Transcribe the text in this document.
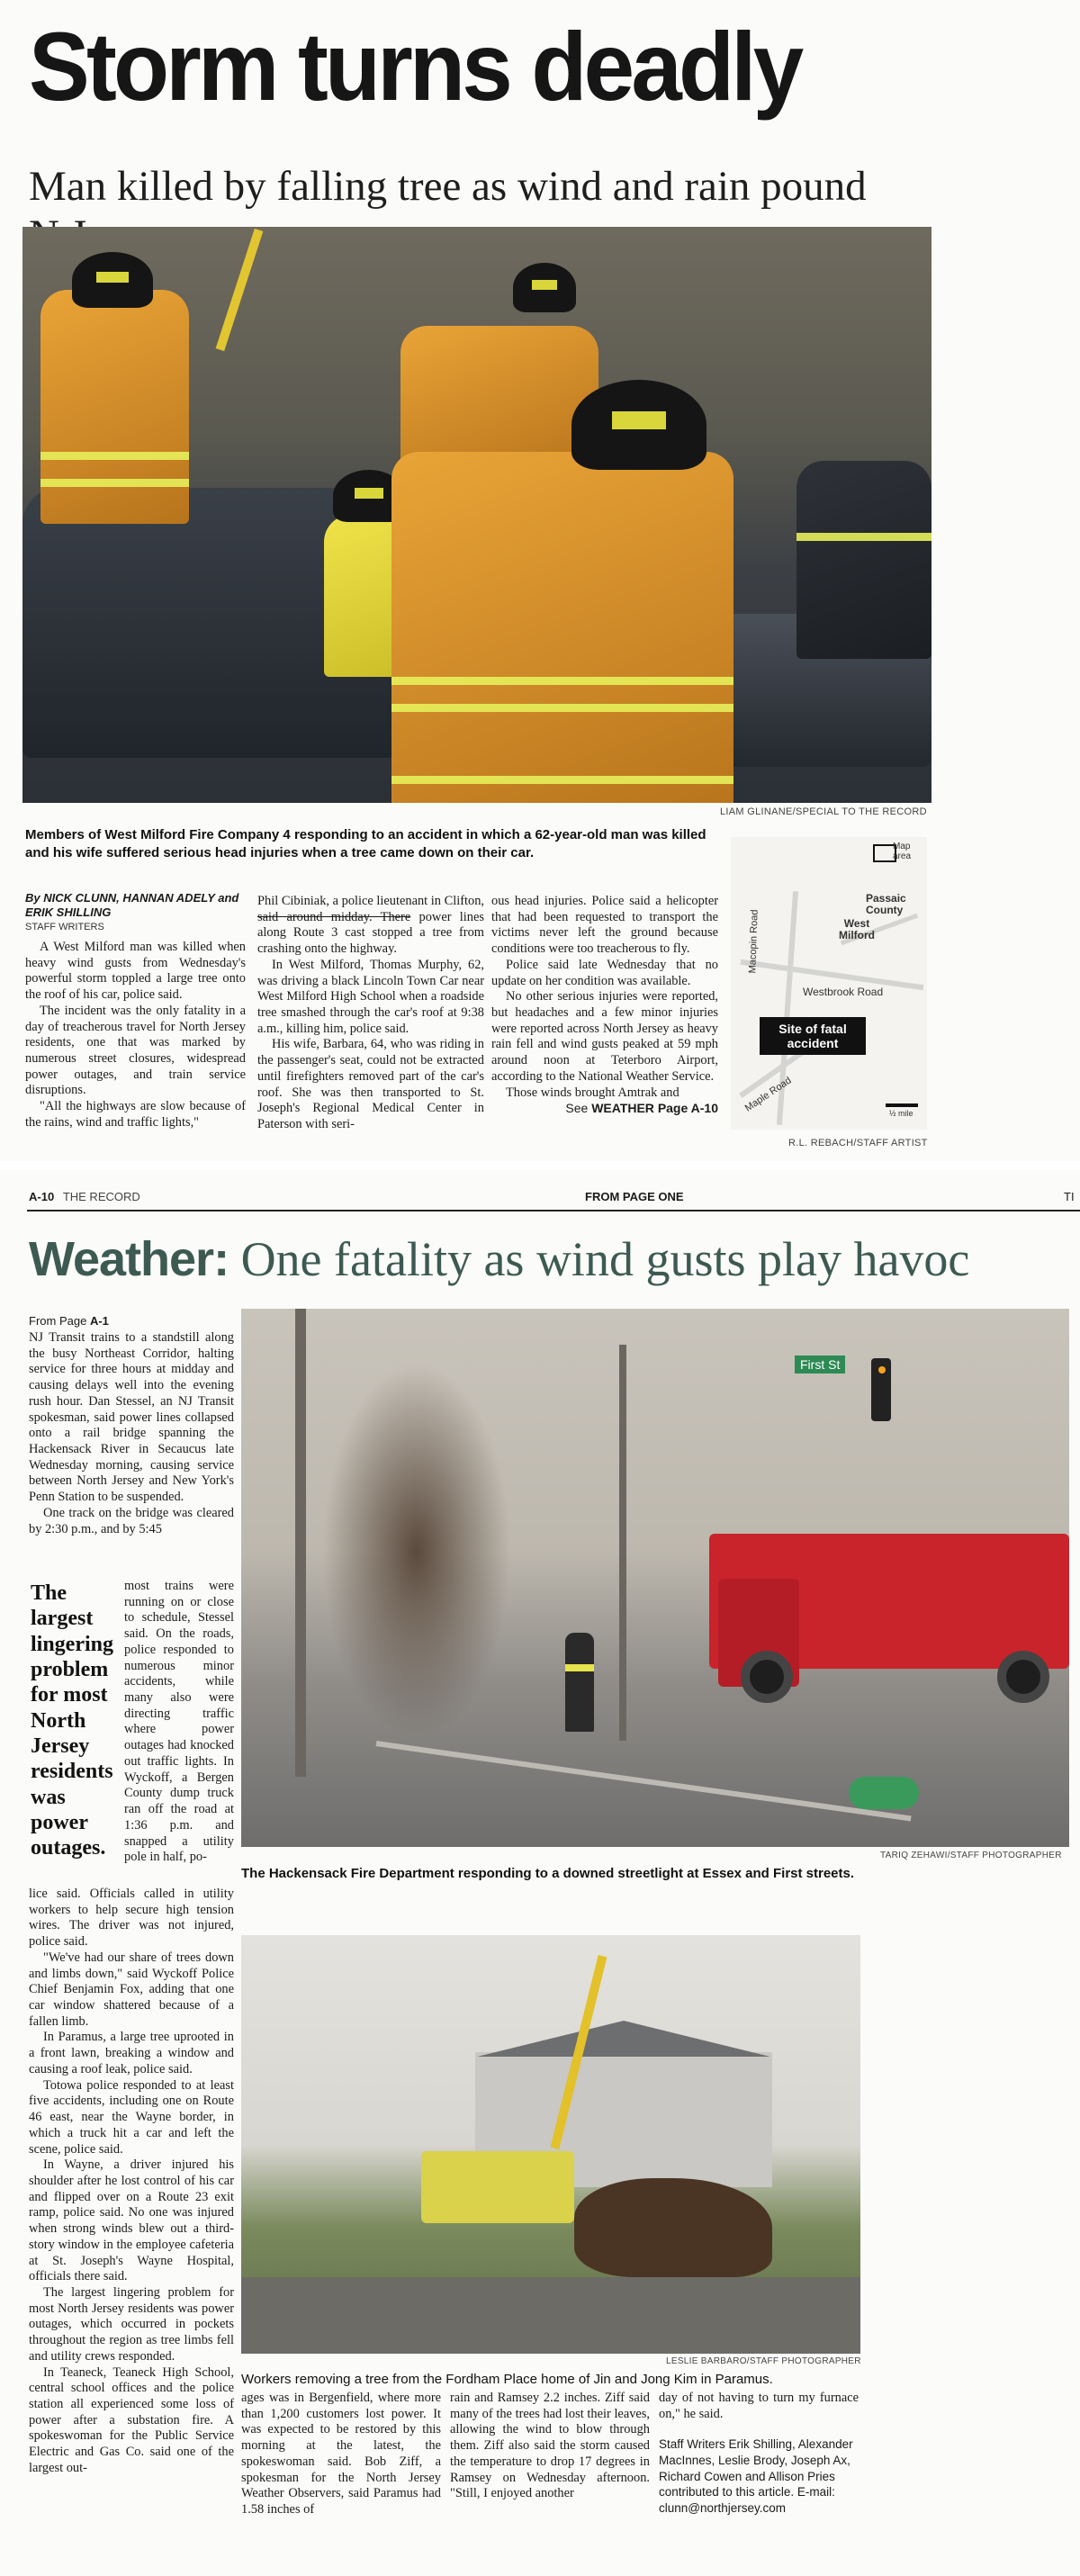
Storm turns deadly
Man killed by falling tree as wind and rain pound
LIAM GLINANE/SPECIAL TO THE RECORD
Members of West Milford Fire Company 4 responding to an accident in which a 62-year-old man was killed and his wife suffered serious head injuries when a tree came down on their car.
By NICK CLUNN, HANNAN ADELY and ERIK SHILLING
STAFF WRITERS

A West Milford man was killed when heavy wind gusts from Wednesday's powerful storm toppled a large tree onto the roof of his car, police said.

The incident was the only fatality in a day of treacherous travel for North Jersey residents, one that was marked by numerous street closures, widespread power outages, and train service disruptions.

"All the highways are slow because of the rains, wind and traffic lights,"

Phil Cibiniak, a police lieutenant in Clifton, said around midday. There power lines along Route 3 cast stopped a tree from crashing onto the highway.

In West Milford, Thomas Murphy, 62, was driving a black Lincoln Town Car near West Milford High School when a roadside tree smashed through the car's roof at 9:38 a.m., killing him, police said.

His wife, Barbara, 64, who was riding in the passenger's seat, could not be extracted until firefighters removed part of the car's roof. She was then transported to St. Joseph's Regional Medical Center in Paterson with seri-

ous head injuries. Police said a helicopter that had been requested to transport the victims never left the ground because conditions were too treacherous to fly.

Police said late Wednesday that no update on her condition was available.

No other serious injuries were reported, but headaches and a few minor injuries were reported across North Jersey as heavy rain fell and wind gusts peaked at 59 mph around noon at Teterboro Airport, according to the National Weather Service.

Those winds brought Amtrak and

See WEATHER Page A-10

Map area
Passaic County
West Milford
Macopin Road
Westbrook Road
Maple Road
Site of fatal accident
½ mile
R.L. REBACH/STAFF ARTIST
A-10 THE RECORD	FROM PAGE ONE	TI
Weather: One fatality as wind gusts play havoc
From Page A-1

NJ Transit trains to a standstill along the busy Northeast Corridor, halting service for three hours at midday and causing delays well into the evening rush hour. Dan Stessel, an NJ Transit spokesman, said power lines collapsed onto a rail bridge spanning the Hackensack River in Secaucus late Wednesday morning, causing service between North Jersey and New York's Penn Station to be suspended.

One track on the bridge was cleared by 2:30 p.m., and by 5:45

The largest lingering problem for most North Jersey residents was power outages.

most trains were running on or close to schedule, Stessel said. On the roads, police responded to numerous minor accidents, while many also were directing traffic where power outages had knocked out traffic lights. In Wyckoff, a Bergen County dump truck ran off the road at 1:36 p.m. and snapped a utility pole in half, po-

First St
TARIQ ZEHAWI/STAFF PHOTOGRAPHER
The Hackensack Fire Department responding to a downed streetlight at Essex and First streets.

lice said. Officials called in utility workers to help secure high tension wires. The driver was not injured, police said.

"We've had our share of trees down and limbs down," said Wyckoff Police Chief Benjamin Fox, adding that one car window shattered because of a fallen limb.

In Paramus, a large tree uprooted in a front lawn, breaking a window and causing a roof leak, police said.

Totowa police responded to at least five accidents, including one on Route 46 east, near the Wayne border, in which a truck hit a car and left the scene, police said.

In Wayne, a driver injured his shoulder after he lost control of his car and flipped over on a Route 23 exit ramp, police said. No one was injured when strong winds blew out a third-story window in the employee cafeteria at St. Joseph's Wayne Hospital, officials there said.

The largest lingering problem for most North Jersey residents was power outages, which occurred in pockets throughout the region as tree limbs fell and utility crews responded.

In Teaneck, Teaneck High School, central school offices and the police station all experienced some loss of power after a substation fire. A spokeswoman for the Public Service Electric and Gas Co. said one of the largest out-

LESLIE BARBARO/STAFF PHOTOGRAPHER
Workers removing a tree from the Fordham Place home of Jin and Jong Kim in Paramus.

ages was in Bergenfield, where more than 1,200 customers lost power. It was expected to be restored by this morning at the latest, the spokeswoman said. Bob Ziff, a spokesman for the North Jersey Weather Observers, said Paramus had 1.58 inches of

rain and Ramsey 2.2 inches. Ziff said many of the trees had lost their leaves, allowing the wind to blow through them. Ziff also said the storm caused the temperature to drop 17 degrees in Ramsey on Wednesday afternoon. "Still, I enjoyed another

day of not having to turn my furnace on," he said.

Staff Writers Erik Shilling, Alexander MacInnes, Leslie Brody, Joseph Ax, Richard Cowen and Allison Pries contributed to this article. E-mail: clunn@northjersey.com
